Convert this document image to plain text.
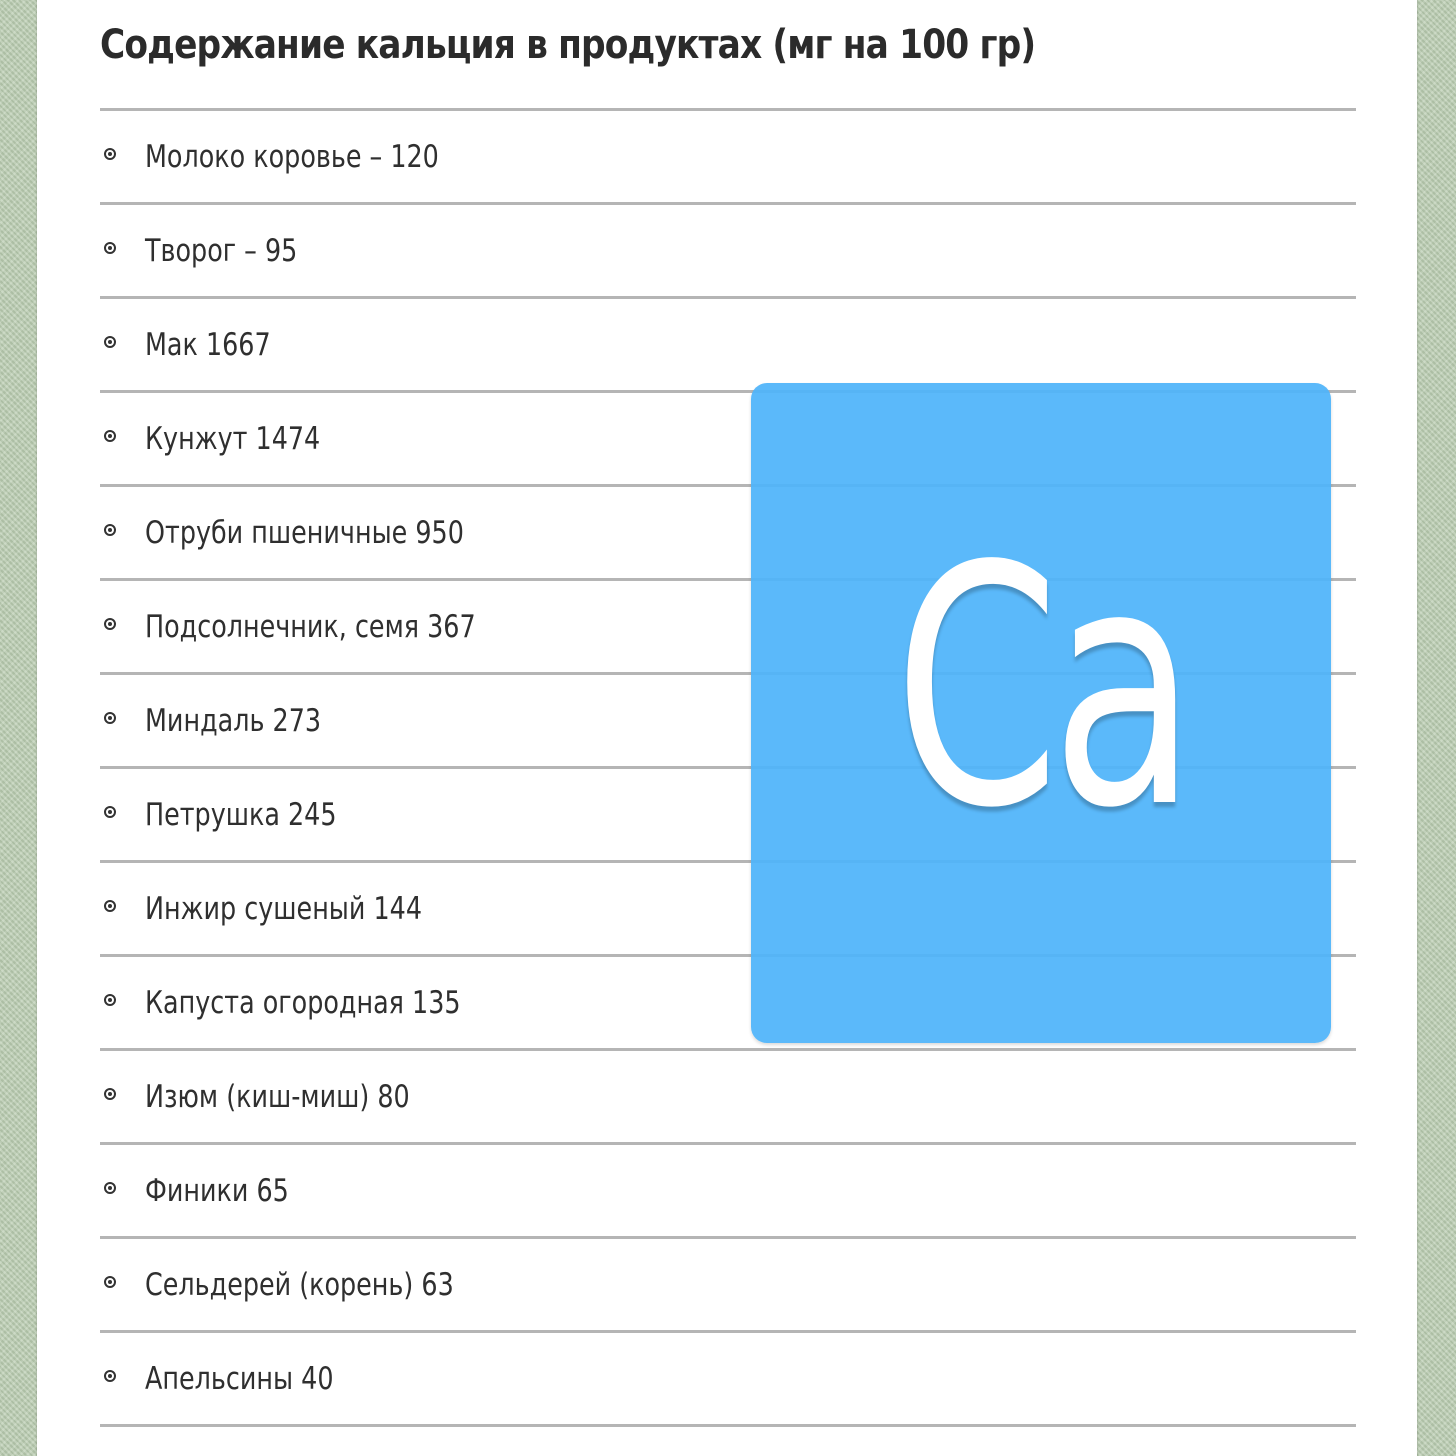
Содержание кальция в продуктах (мг на 100 гр)
Молоко коровье – 120
Творог – 95
Мак 1667
Кунжут 1474
Отруби пшеничные 950
Подсолнечник, семя 367
Миндаль 273
Петрушка 245
Инжир сушеный 144
Капуста огородная 135
Изюм (киш-миш) 80
Финики 65
Сельдерей (корень) 63
Апельсины 40
Ca
